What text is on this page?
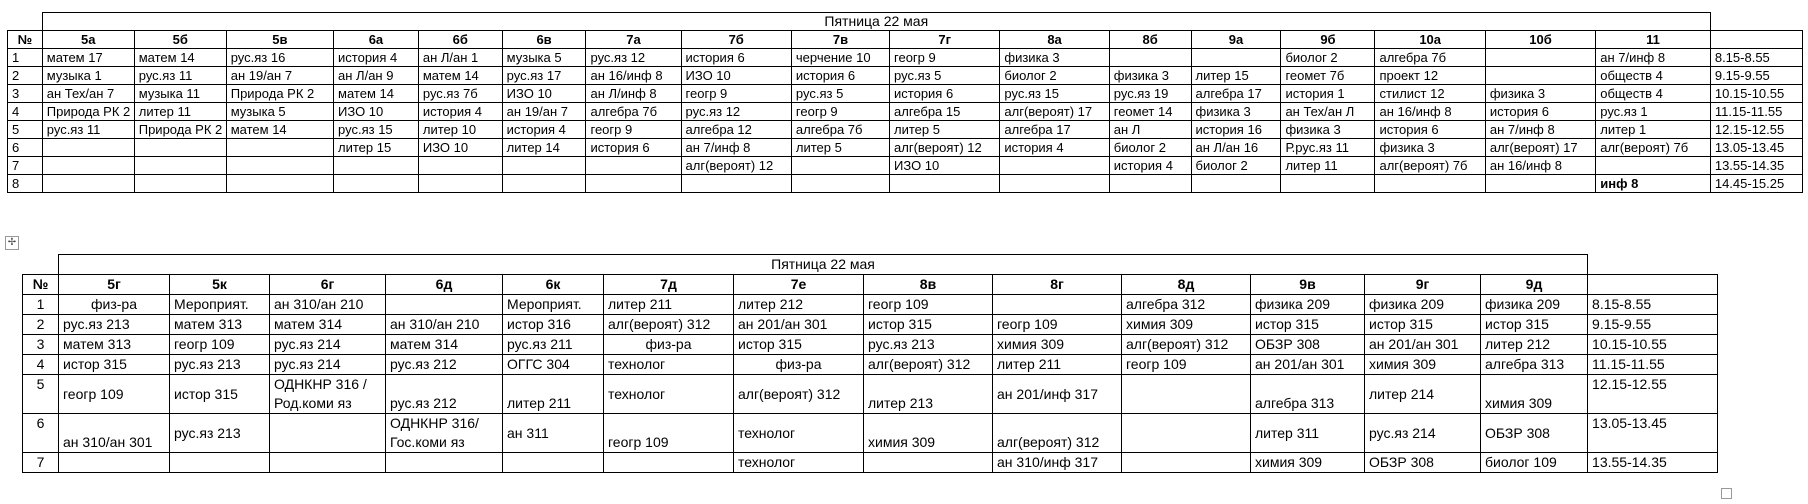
	Пятница 22 мая																	
№	5а	5б	5в	6а	6б	6в	7а	7б	7в	7г	8а	8б	9а	9б	10а	10б	11	
1	матем 17	матем 14	рус.яз 16	история 4	ан Л/ан 1	музыка 5	рус.яз 12	история 6	черчение 10	геогр 9	физика 3			биолог 2	алгебра 7б		ан 7/инф 8	8.15-8.55
2	музыка 1	рус.яз 11	ан 19/ан 7	ан Л/ан 9	матем 14	рус.яз 17	ан 16/инф 8	ИЗО 10	история 6	рус.яз 5	биолог 2	физика 3	литер 15	геомет 7б	проект 12		обществ 4	9.15-9.55
3	ан Тех/ан 7	музыка 11	Природа РК 2	матем 14	рус.яз 7б	ИЗО 10	ан Л/инф 8	геогр 9	рус.яз 5	история 6	рус.яз 15	рус.яз 19	алгебра 17	история 1	стилист 12	физика 3	обществ 4	10.15-10.55
4	Природа РК 2	литер 11	музыка 5	ИЗО 10	история 4	ан 19/ан 7	алгебра 7б	рус.яз 12	геогр 9	алгебра 15	алг(вероят) 17	геомет 14	физика 3	ан Тех/ан Л	ан 16/инф 8	история 6	рус.яз 1	11.15-11.55
5	рус.яз 11	Природа РК 2	матем 14	рус.яз 15	литер 10	история 4	геогр 9	алгебра 12	алгебра 7б	литер 5	алгебра 17	ан Л	история 16	физика 3	история 6	ан 7/инф 8	литер 1	12.15-12.55
6				литер 15	ИЗО 10	литер 14	история 6	ан 7/инф 8	литер 5	алг(вероят) 12	история 4	биолог 2	ан Л/ан 16	Р.рус.яз 11	физика 3	алг(вероят) 17	алг(вероят) 7б	13.05-13.45
7								алг(вероят) 12		ИЗО 10		история 4	биолог 2	литер 11	алг(вероят) 7б	ан 16/инф 8		13.55-14.35
8																	инф 8	14.45-15.25
✢
	Пятница 22 мая													
№	5г	5к	6г	6д	6к	7д	7е	8в	8г	8д	9в	9г	9д	
1	физ-ра	Мероприят.	ан 310/ан 210		Мероприят.	литер 211	литер 212	геогр 109		алгебра 312	физика 209	физика 209	физика 209	8.15-8.55
2	рус.яз 213	матем 313	матем 314	ан 310/ан 210	истор 316	алг(вероят) 312	ан 201/ан 301	истор 315	геогр 109	химия 309	истор 315	истор 315	истор 315	9.15-9.55
3	матем 313	геогр 109	рус.яз 214	матем 314	рус.яз 211	физ-ра	истор 315	рус.яз 213	химия 309	алг(вероят) 312	ОБЗР 308	ан 201/ан 301	литер 212	10.15-10.55
4	истор 315	рус.яз 213	рус.яз 214	рус.яз 212	ОГГС 304	технолог	физ-ра	алг(вероят) 312	литер 211	геогр 109	ан 201/ан 301	химия 309	алгебра 313	11.15-11.55
5	геогр 109	истор 315	ОДНКНР 316 /Род.коми яз	рус.яз 212	литер 211	технолог	алг(вероят) 312	литер 213	ан 201/инф 317		алгебра 313	литер 214	химия 309	12.15-12.55
6	ан 310/ан 301	рус.яз 213		ОДНКНР 316/ Гос.коми яз	ан 311	геогр 109	технолог	химия 309	алг(вероят) 312		литер 311	рус.яз 214	ОБЗР 308	13.05-13.45
7							технолог		ан 310/инф 317		химия 309	ОБЗР 308	биолог 109	13.55-14.35
